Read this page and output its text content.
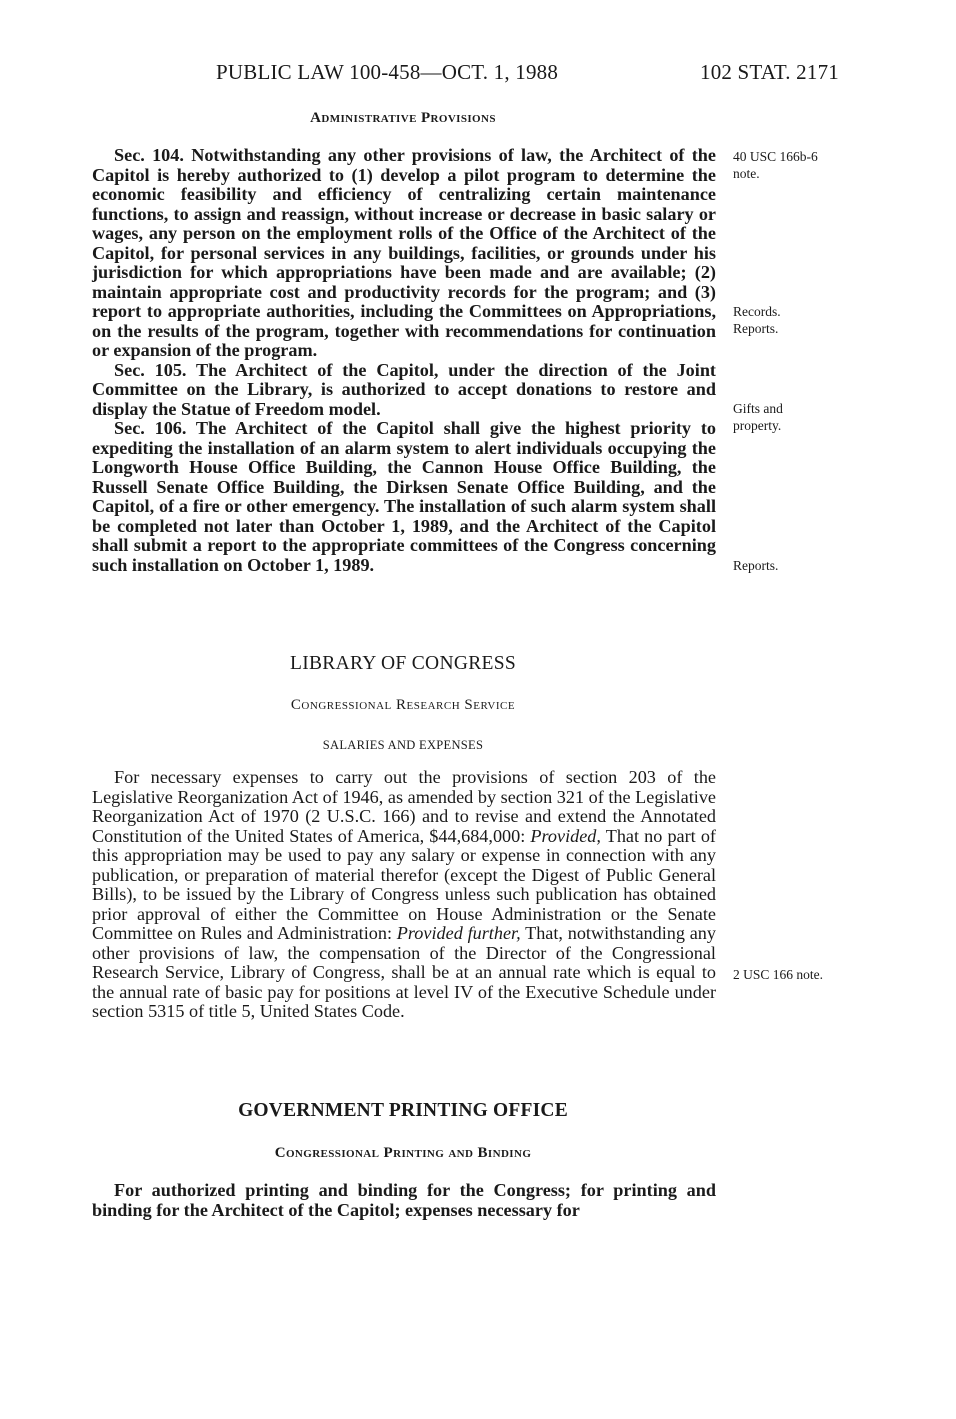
PUBLIC LAW 100-458—OCT. 1, 1988	102 STAT. 2171
Administrative Provisions

Sec. 104. Notwithstanding any other provisions of law, the Architect of the Capitol is hereby authorized to (1) develop a pilot program to determine the economic feasibility and efficiency of centralizing certain maintenance functions, to assign and reassign, without increase or decrease in basic salary or wages, any person on the employment rolls of the Office of the Architect of the Capitol, for personal services in any buildings, facilities, or grounds under his jurisdiction for which appropriations have been made and are available; (2) maintain appropriate cost and productivity records for the program; and (3) report to appropriate authorities, including the Committees on Appropriations, on the results of the program, together with recommendations for continuation or expansion of the program.

Sec. 105. The Architect of the Capitol, under the direction of the Joint Committee on the Library, is authorized to accept donations to restore and display the Statue of Freedom model.

Sec. 106. The Architect of the Capitol shall give the highest priority to expediting the installation of an alarm system to alert individuals occupying the Longworth House Office Building, the Cannon House Office Building, the Russell Senate Office Building, the Dirksen Senate Office Building, and the Capitol, of a fire or other emergency. The installation of such alarm system shall be completed not later than October 1, 1989, and the Architect of the Capitol shall submit a report to the appropriate committees of the Congress concerning such installation on October 1, 1989.

LIBRARY OF CONGRESS
Congressional Research Service
SALARIES AND EXPENSES

For necessary expenses to carry out the provisions of section 203 of the Legislative Reorganization Act of 1946, as amended by section 321 of the Legislative Reorganization Act of 1970 (2 U.S.C. 166) and to revise and extend the Annotated Constitution of the United States of America, $44,684,000: Provided, That no part of this appropriation may be used to pay any salary or expense in connection with any publication, or preparation of material therefor (except the Digest of Public General Bills), to be issued by the Library of Congress unless such publication has obtained prior approval of either the Committee on House Administration or the Senate Committee on Rules and Administration: Provided further, That, notwithstanding any other provisions of law, the compensation of the Director of the Congressional Research Service, Library of Congress, shall be at an annual rate which is equal to the annual rate of basic pay for positions at level IV of the Executive Schedule under section 5315 of title 5, United States Code.

GOVERNMENT PRINTING OFFICE
Congressional Printing and Binding

For authorized printing and binding for the Congress; for printing and binding for the Architect of the Capitol; expenses necessary for

40 USC 166b-6
note.
Records.
Reports.
Gifts and
property.
Reports.
2 USC 166 note.
